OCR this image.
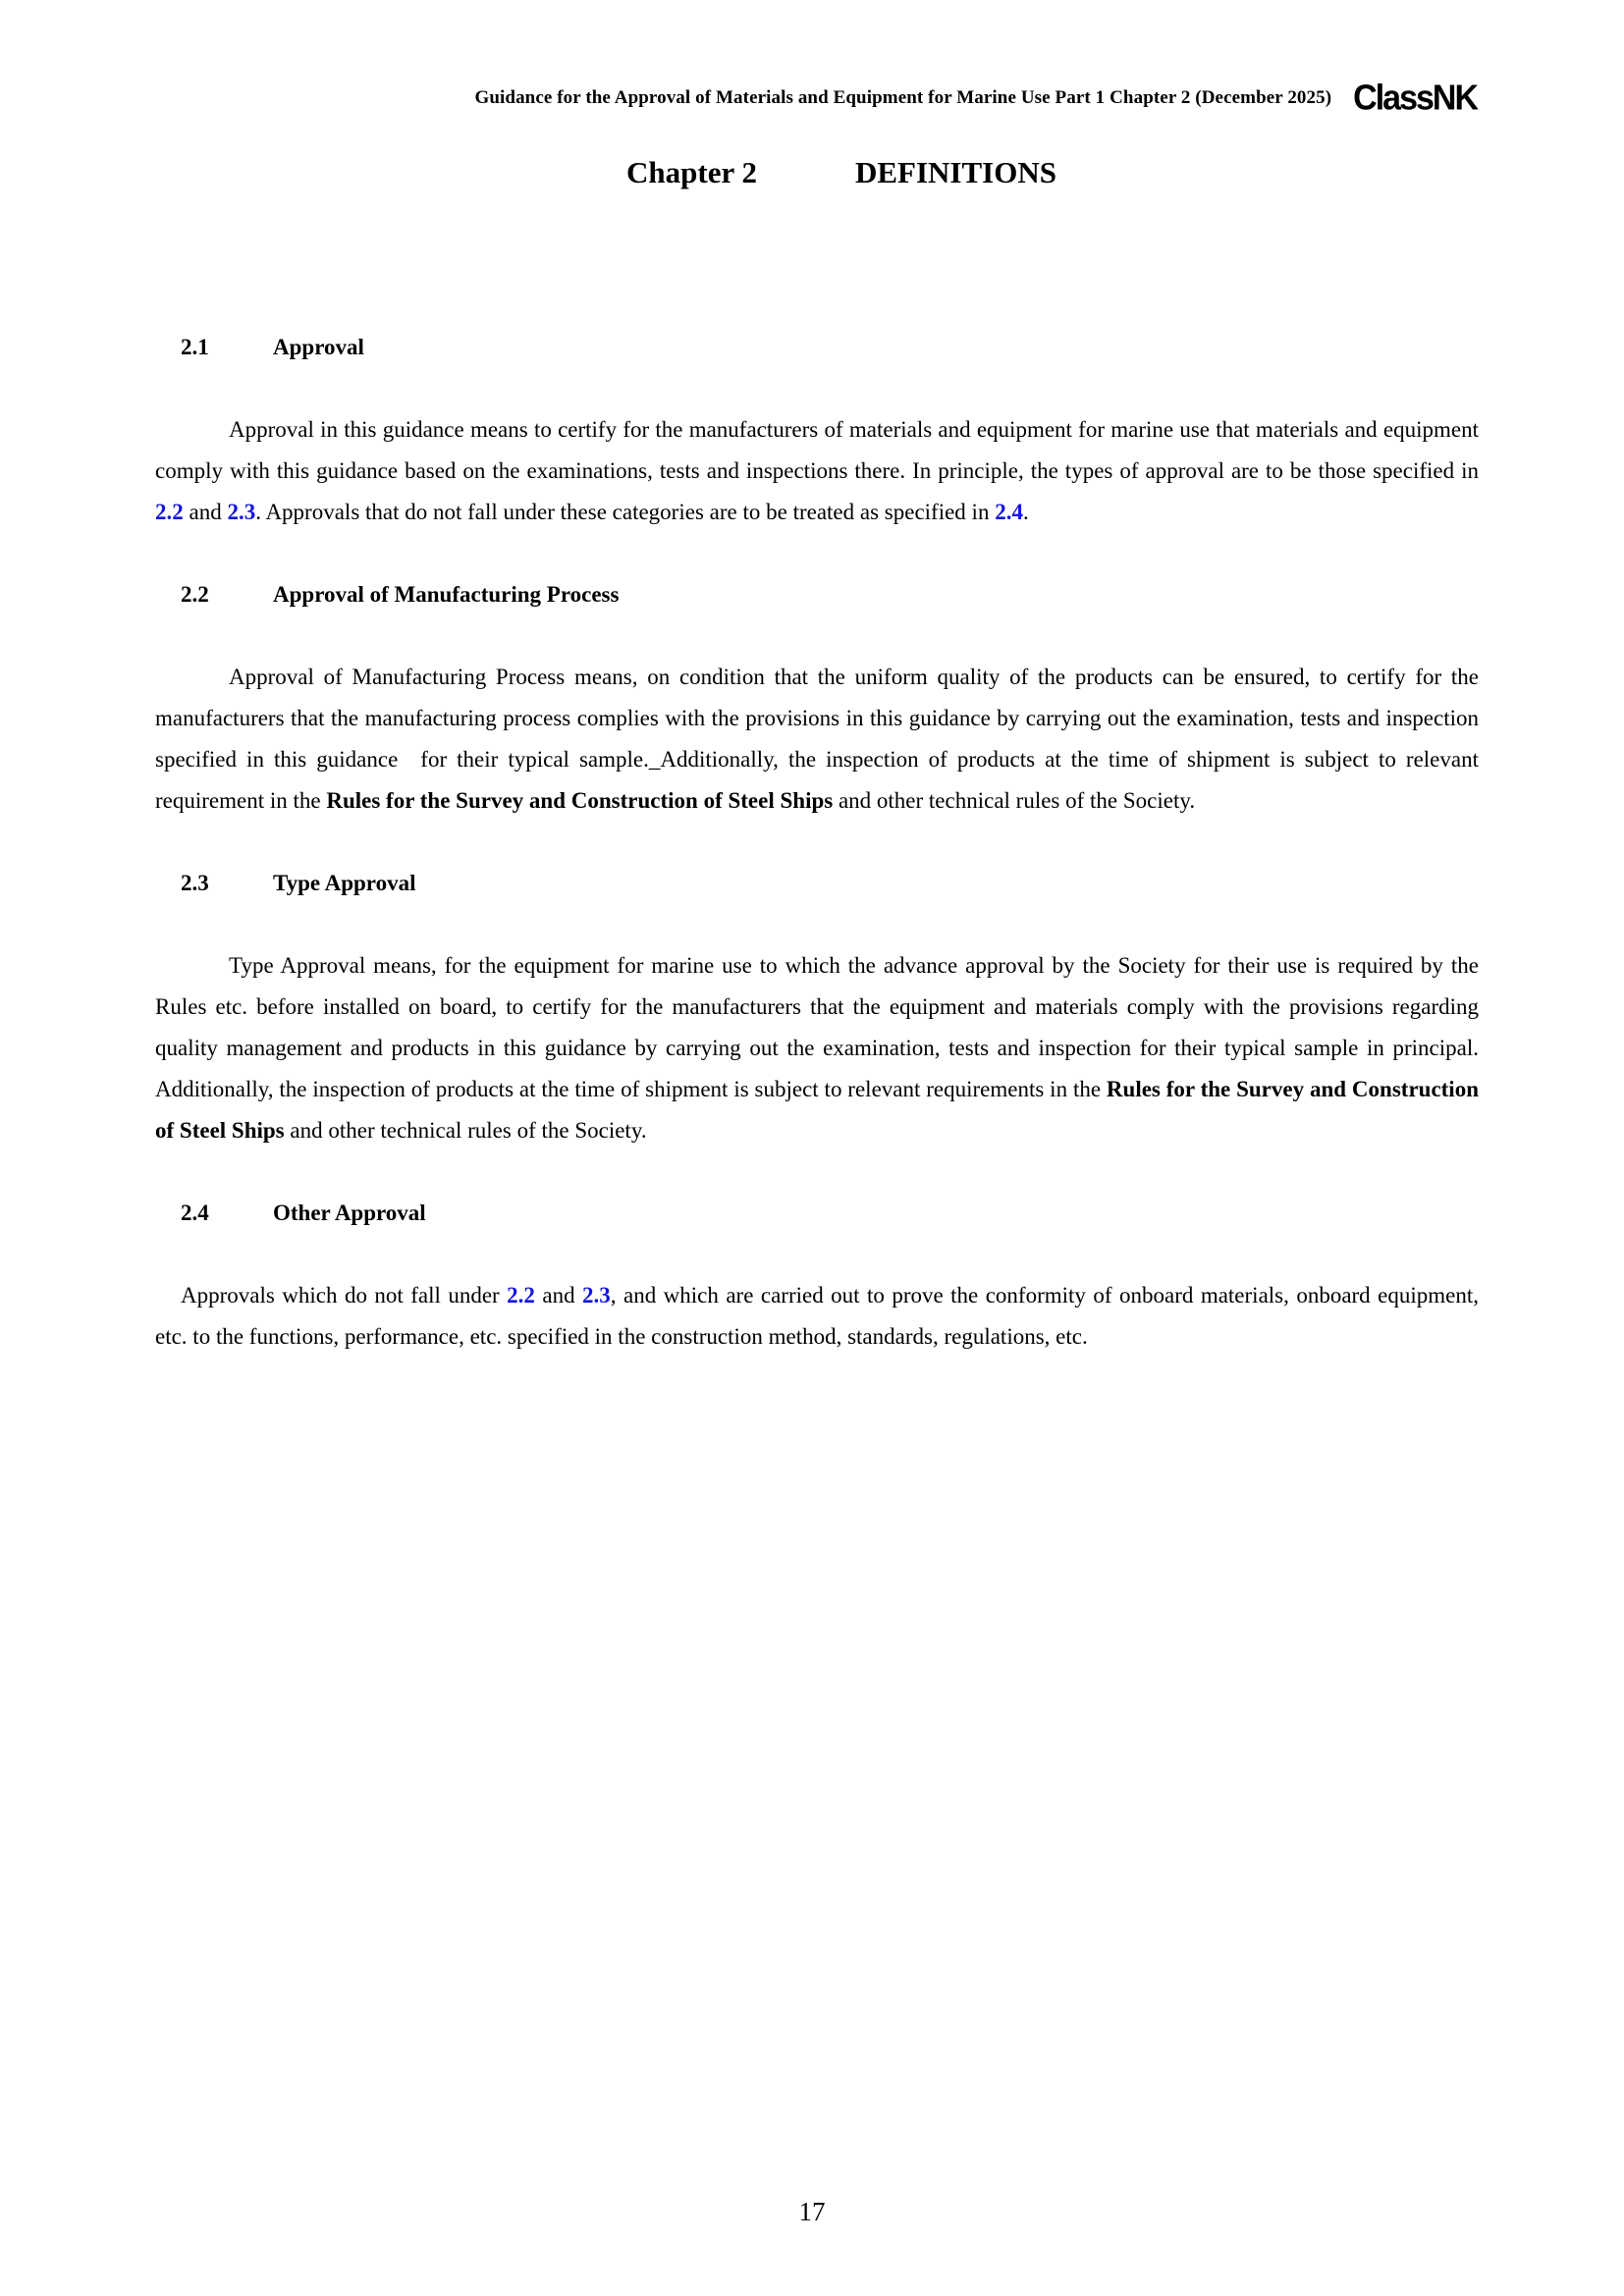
Guidance for the Approval of Materials and Equipment for Marine Use Part 1 Chapter 2 (December 2025) ClassNK
Chapter 2	DEFINITIONS
2.1	Approval
Approval in this guidance means to certify for the manufacturers of materials and equipment for marine use that materials and equipment comply with this guidance based on the examinations, tests and inspections there. In principle, the types of approval are to be those specified in 2.2 and 2.3. Approvals that do not fall under these categories are to be treated as specified in 2.4.
2.2	Approval of Manufacturing Process
Approval of Manufacturing Process means, on condition that the uniform quality of the products can be ensured, to certify for the manufacturers that the manufacturing process complies with the provisions in this guidance by carrying out the examination, tests and inspection specified in this guidance for their typical sample._Additionally, the inspection of products at the time of shipment is subject to relevant requirement in the Rules for the Survey and Construction of Steel Ships and other technical rules of the Society.
2.3	Type Approval
Type Approval means, for the equipment for marine use to which the advance approval by the Society for their use is required by the Rules etc. before installed on board, to certify for the manufacturers that the equipment and materials comply with the provisions regarding quality management and products in this guidance by carrying out the examination, tests and inspection for their typical sample in principal. Additionally, the inspection of products at the time of shipment is subject to relevant requirements in the Rules for the Survey and Construction of Steel Ships and other technical rules of the Society.
2.4	Other Approval
Approvals which do not fall under 2.2 and 2.3, and which are carried out to prove the conformity of onboard materials, onboard equipment, etc. to the functions, performance, etc. specified in the construction method, standards, regulations, etc.
17
